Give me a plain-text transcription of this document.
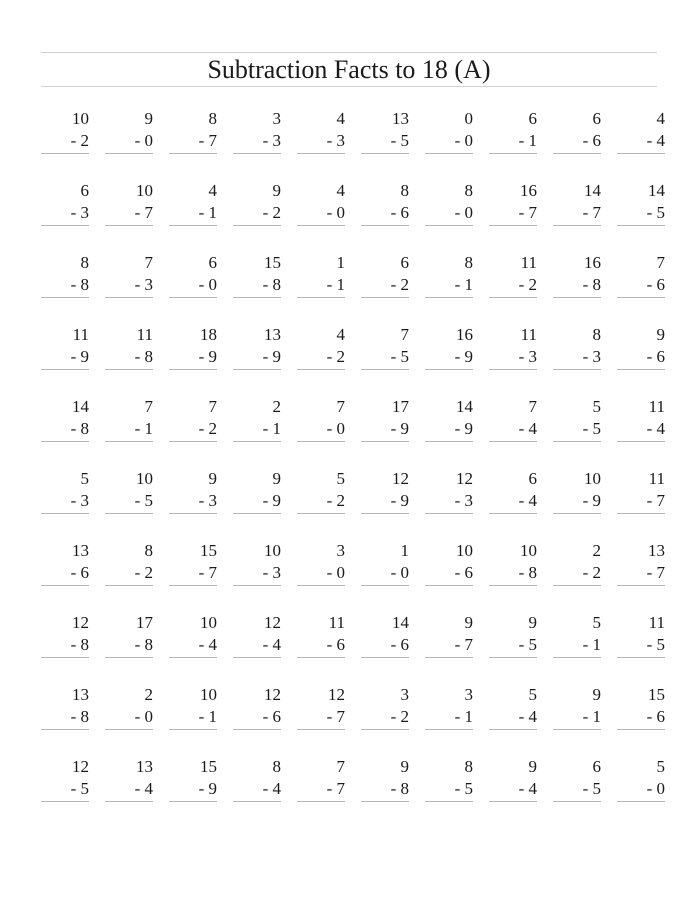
Subtraction Facts to 18 (A)
10
- 2
9
- 0
8
- 7
3
- 3
4
- 3
13
- 5
0
- 0
6
- 1
6
- 6
4
- 4
6
- 3
10
- 7
4
- 1
9
- 2
4
- 0
8
- 6
8
- 0
16
- 7
14
- 7
14
- 5
8
- 8
7
- 3
6
- 0
15
- 8
1
- 1
6
- 2
8
- 1
11
- 2
16
- 8
7
- 6
11
- 9
11
- 8
18
- 9
13
- 9
4
- 2
7
- 5
16
- 9
11
- 3
8
- 3
9
- 6
14
- 8
7
- 1
7
- 2
2
- 1
7
- 0
17
- 9
14
- 9
7
- 4
5
- 5
11
- 4
5
- 3
10
- 5
9
- 3
9
- 9
5
- 2
12
- 9
12
- 3
6
- 4
10
- 9
11
- 7
13
- 6
8
- 2
15
- 7
10
- 3
3
- 0
1
- 0
10
- 6
10
- 8
2
- 2
13
- 7
12
- 8
17
- 8
10
- 4
12
- 4
11
- 6
14
- 6
9
- 7
9
- 5
5
- 1
11
- 5
13
- 8
2
- 0
10
- 1
12
- 6
12
- 7
3
- 2
3
- 1
5
- 4
9
- 1
15
- 6
12
- 5
13
- 4
15
- 9
8
- 4
7
- 7
9
- 8
8
- 5
9
- 4
6
- 5
5
- 0
